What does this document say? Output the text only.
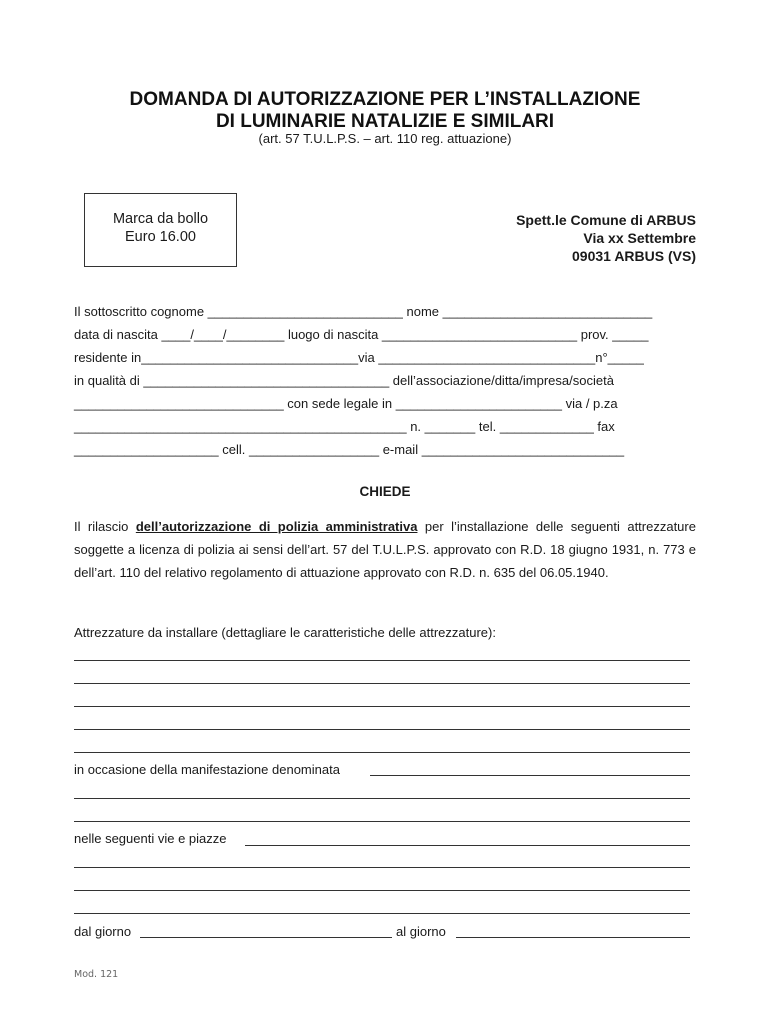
DOMANDA DI AUTORIZZAZIONE PER L’INSTALLAZIONE
DI LUMINARIE NATALIZIE E SIMILARI
(art. 57 T.U.L.P.S. – art. 110 reg. attuazione)
Marca da bollo
Euro 16.00
Spett.le Comune di ARBUS
Via xx Settembre
09031 ARBUS (VS)
Il sottoscritto cognome ___________________________ nome _____________________________
data di nascita ____/____/________ luogo di nascita ___________________________ prov. _____
residente in______________________________via ______________________________n°_____
in qualità di __________________________________ dell’associazione/ditta/impresa/società
_____________________________ con sede legale in _______________________ via / p.za
______________________________________________ n. _______ tel. _____________ fax
____________________ cell. __________________ e-mail ____________________________
CHIEDE
Il rilascio dell’autorizzazione di polizia amministrativa per l’installazione delle seguenti attrezzature soggette a licenza di polizia ai sensi dell’art. 57 del T.U.L.P.S. approvato con R.D. 18 giugno 1931, n. 773 e dell’art. 110 del relativo regolamento di attuazione approvato con R.D. n. 635 del 06.05.1940.
Attrezzature da installare (dettagliare le caratteristiche delle attrezzature):
in occasione della manifestazione denominata
nelle seguenti vie e piazze
dal giorno	al giorno
Mod. 121
